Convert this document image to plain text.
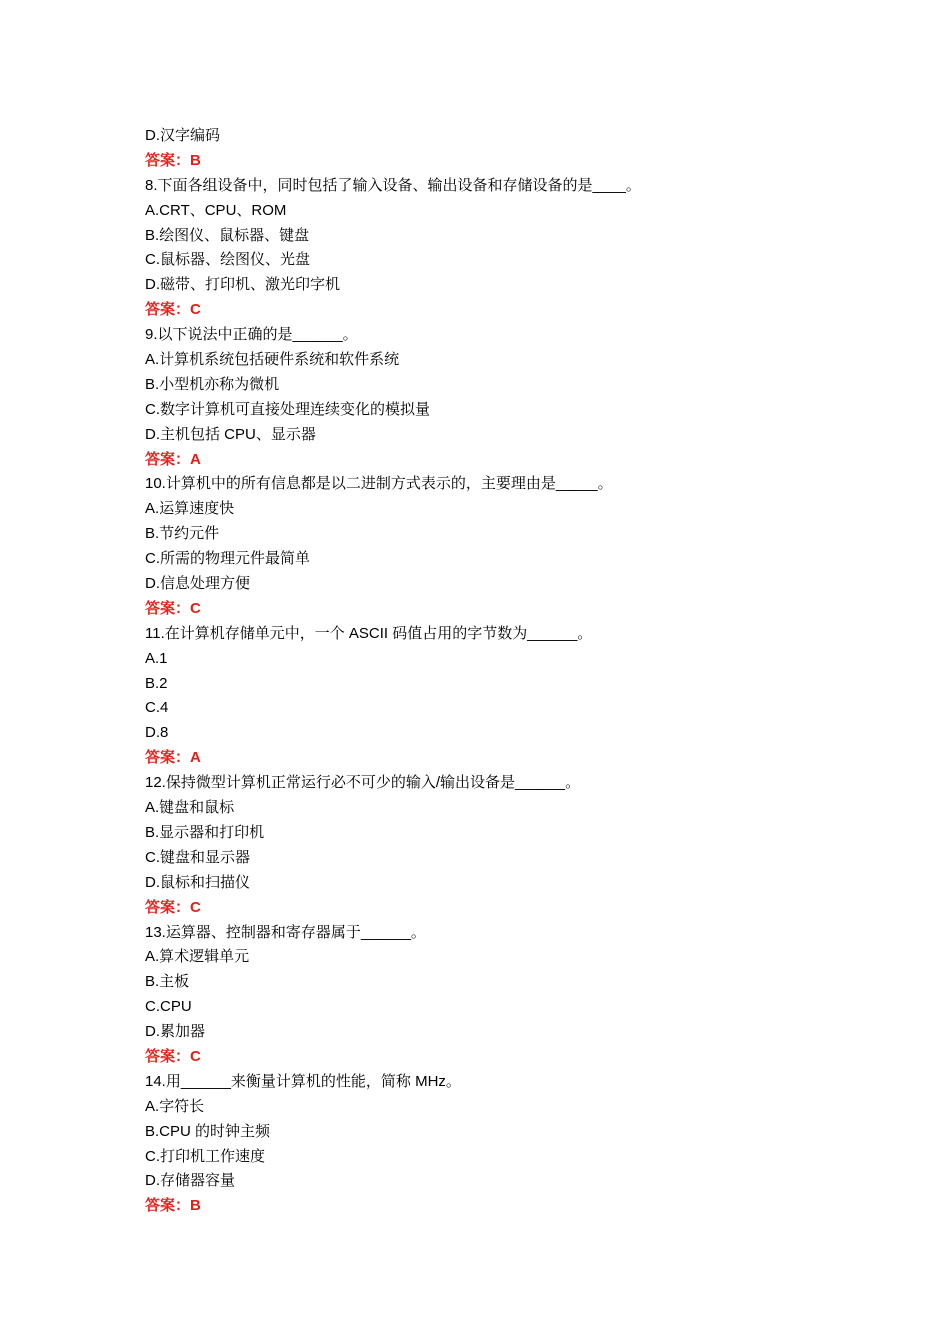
D.汉字编码
答案：B
8.下面各组设备中，同时包括了输入设备、输出设备和存储设备的是____。
A.CRT、CPU、ROM
B.绘图仪、鼠标器、键盘
C.鼠标器、绘图仪、光盘
D.磁带、打印机、激光印字机
答案：C
9.以下说法中正确的是______。
A.计算机系统包括硬件系统和软件系统
B.小型机亦称为微机
C.数字计算机可直接处理连续变化的模拟量
D.主机包括 CPU、显示器
答案：A
10.计算机中的所有信息都是以二进制方式表示的，主要理由是_____。
A.运算速度快
B.节约元件
C.所需的物理元件最简单
D.信息处理方便
答案：C
11.在计算机存储单元中，一个 ASCII 码值占用的字节数为______。
A.1
B.2
C.4
D.8
答案：A
12.保持微型计算机正常运行必不可少的输入/输出设备是______。
A.键盘和鼠标
B.显示器和打印机
C.键盘和显示器
D.鼠标和扫描仪
答案：C
13.运算器、控制器和寄存器属于______。
A.算术逻辑单元
B.主板
C.CPU
D.累加器
答案：C
14.用______来衡量计算机的性能，简称 MHz。
A.字符长
B.CPU 的时钟主频
C.打印机工作速度
D.存储器容量
答案：B
